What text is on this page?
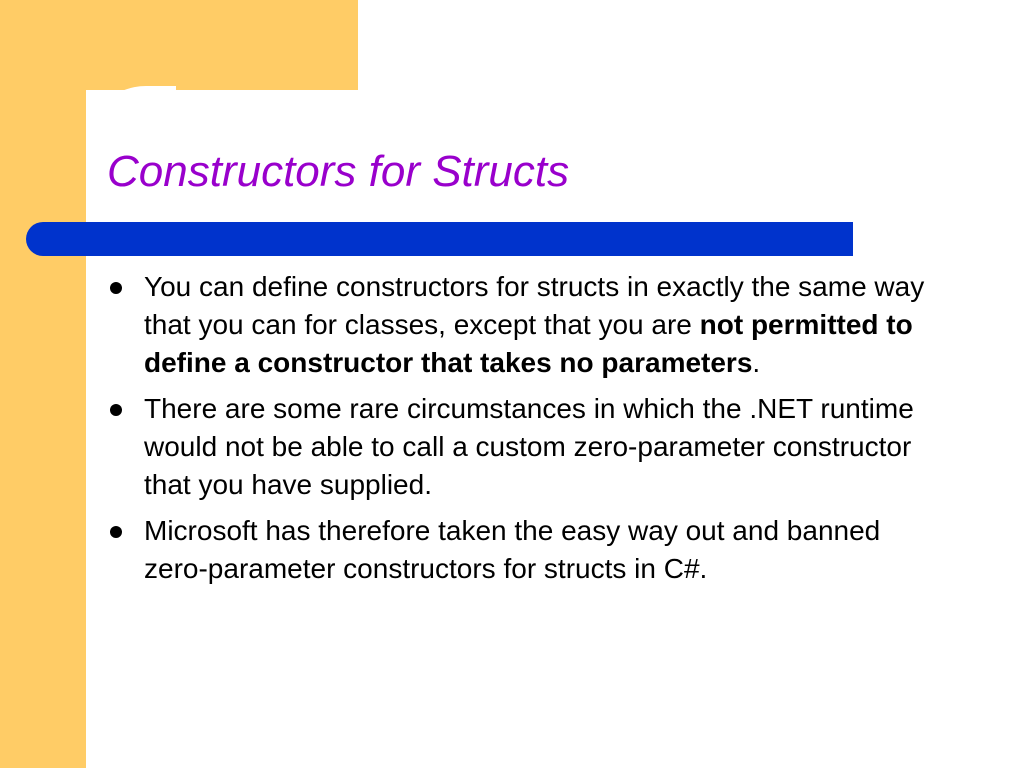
Constructors for Structs
You can define constructors for structs in exactly the same way that you can for classes, except that you are not permitted to define a constructor that takes no parameters.
There are some rare circumstances in which the .NET runtime would not be able to call a custom zero-parameter constructor that you have supplied.
Microsoft has therefore taken the easy way out and banned zero-parameter constructors for structs in C#.
